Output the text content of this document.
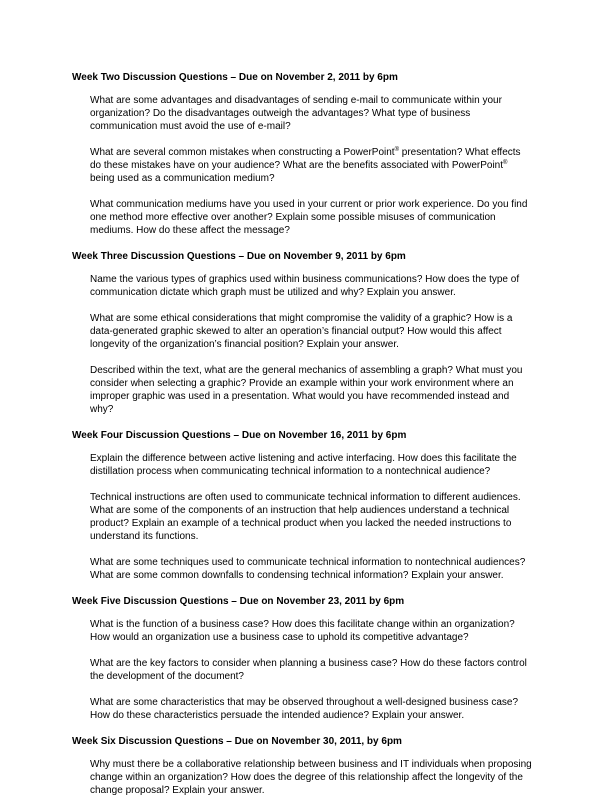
Week Two Discussion Questions – Due on November 2, 2011 by 6pm

What are some advantages and disadvantages of sending e-mail to communicate within your organization? Do the disadvantages outweigh the advantages? What type of business communication must avoid the use of e-mail?

What are several common mistakes when constructing a PowerPoint® presentation? What effects do these mistakes have on your audience? What are the benefits associated with PowerPoint® being used as a communication medium?

What communication mediums have you used in your current or prior work experience. Do you find one method more effective over another? Explain some possible misuses of communication mediums. How do these affect the message?

Week Three Discussion Questions – Due on November 9, 2011 by 6pm

Name the various types of graphics used within business communications? How does the type of communication dictate which graph must be utilized and why? Explain you answer.

What are some ethical considerations that might compromise the validity of a graphic? How is a data-generated graphic skewed to alter an operation’s financial output? How would this affect longevity of the organization’s financial position? Explain your answer.

Described within the text, what are the general mechanics of assembling a graph? What must you consider when selecting a graphic? Provide an example within your work environment where an improper graphic was used in a presentation. What would you have recommended instead and why?

Week Four Discussion Questions – Due on November 16, 2011 by 6pm

Explain the difference between active listening and active interfacing. How does this facilitate the distillation process when communicating technical information to a nontechnical audience?

Technical instructions are often used to communicate technical information to different audiences. What are some of the components of an instruction that help audiences understand a technical product? Explain an example of a technical product when you lacked the needed instructions to understand its functions.

What are some techniques used to communicate technical information to nontechnical audiences? What are some common downfalls to condensing technical information? Explain your answer.

Week Five Discussion Questions – Due on November 23, 2011 by 6pm

What is the function of a business case? How does this facilitate change within an organization? How would an organization use a business case to uphold its competitive advantage?

What are the key factors to consider when planning a business case? How do these factors control the development of the document?

What are some characteristics that may be observed throughout a well-designed business case? How do these characteristics persuade the intended audience? Explain your answer.

Week Six Discussion Questions – Due on November 30, 2011, by 6pm

Why must there be a collaborative relationship between business and IT individuals when proposing change within an organization? How does the degree of this relationship affect the longevity of the change proposal? Explain your answer.
